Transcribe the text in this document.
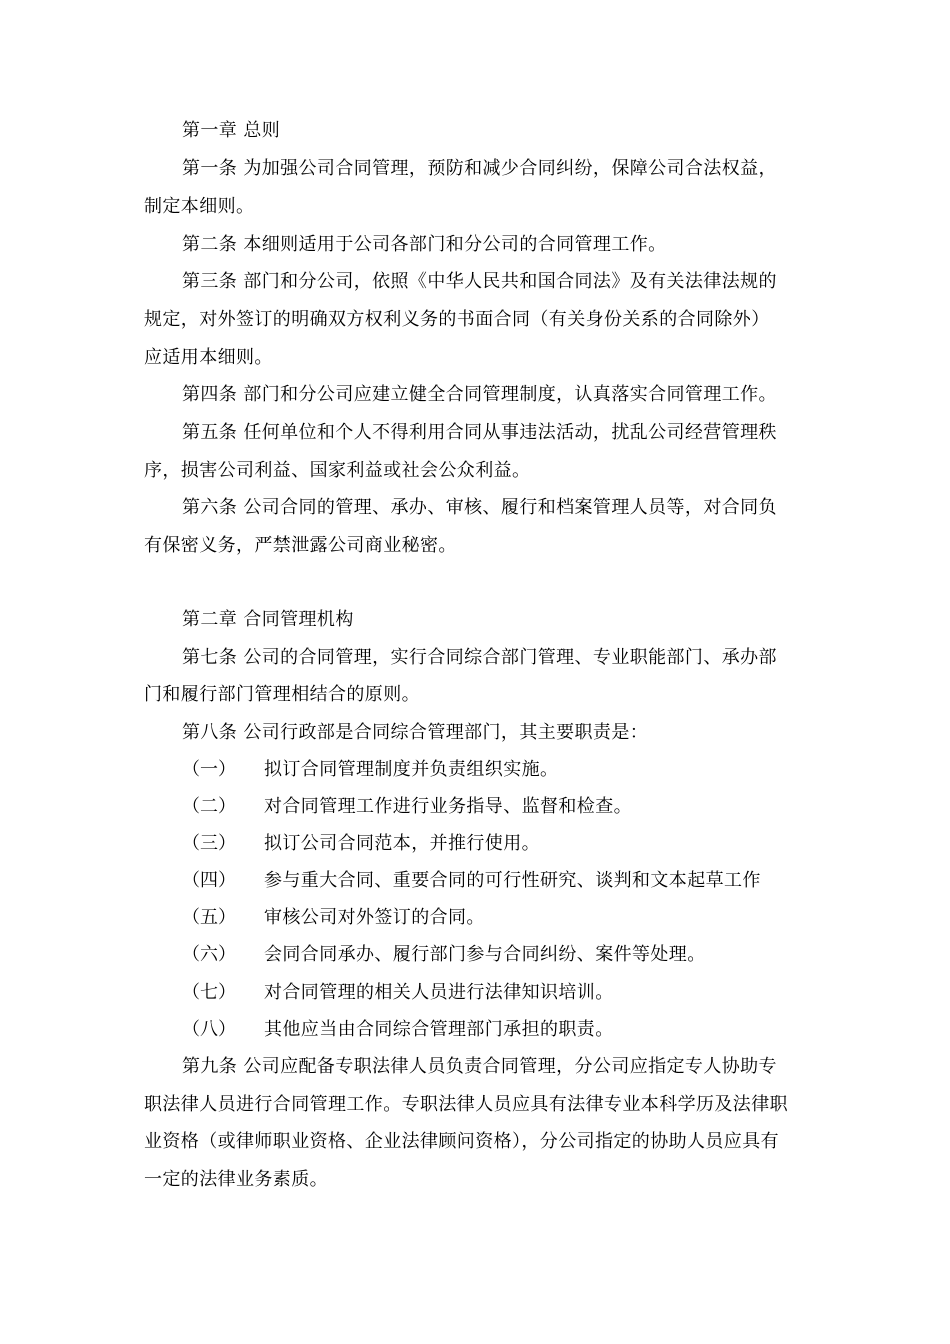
第一章 总则
第一条 为加强公司合同管理，预防和减少合同纠纷，保障公司合法权益，
制定本细则。
第二条 本细则适用于公司各部门和分公司的合同管理工作。
第三条 部门和分公司，依照《中华人民共和国合同法》及有关法律法规的
规定，对外签订的明确双方权利义务的书面合同（有关身份关系的合同除外）
应适用本细则。
第四条 部门和分公司应建立健全合同管理制度，认真落实合同管理工作。
第五条 任何单位和个人不得利用合同从事违法活动，扰乱公司经营管理秩
序，损害公司利益、国家利益或社会公众利益。
第六条 公司合同的管理、承办、审核、履行和档案管理人员等，对合同负
有保密义务，严禁泄露公司商业秘密。
第二章 合同管理机构
第七条 公司的合同管理，实行合同综合部门管理、专业职能部门、承办部
门和履行部门管理相结合的原则。
第八条 公司行政部是合同综合管理部门，其主要职责是：
（一） 拟订合同管理制度并负责组织实施。
（二） 对合同管理工作进行业务指导、监督和检查。
（三） 拟订公司合同范本，并推行使用。
（四） 参与重大合同、重要合同的可行性研究、谈判和文本起草工作
（五） 审核公司对外签订的合同。
（六） 会同合同承办、履行部门参与合同纠纷、案件等处理。
（七） 对合同管理的相关人员进行法律知识培训。
（八） 其他应当由合同综合管理部门承担的职责。
第九条 公司应配备专职法律人员负责合同管理，分公司应指定专人协助专
职法律人员进行合同管理工作。专职法律人员应具有法律专业本科学历及法律职
业资格（或律师职业资格、企业法律顾问资格），分公司指定的协助人员应具有
一定的法律业务素质。
